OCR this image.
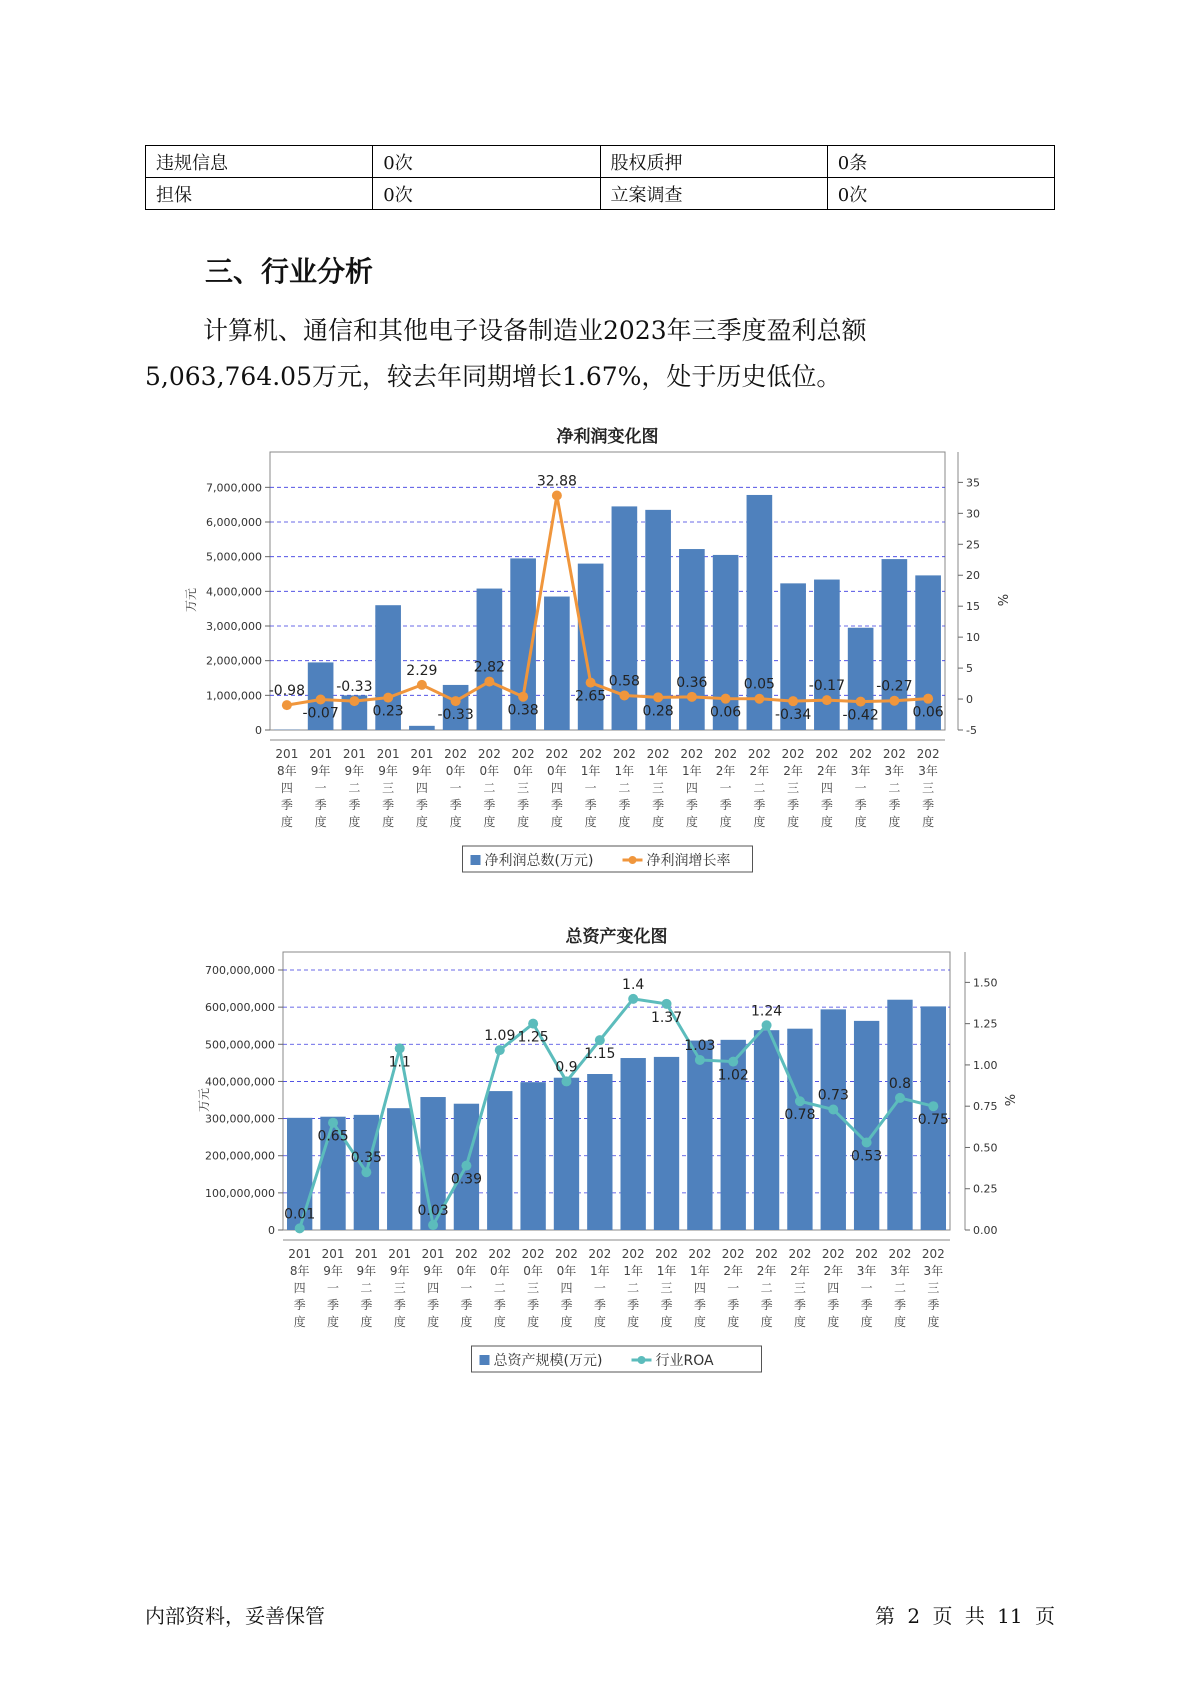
违规信息	0次	股权质押	0条
担保	0次	立案调查	0次
三、行业分析
计算机、通信和其他电子设备制造业2023年三季度盈利总额
5,063,764.05万元，较去年同期增长1.67%，处于历史低位。
净利润变化图
0
1,000,000
2,000,000
3,000,000
4,000,000
5,000,000
6,000,000
7,000,000
万元
-5
0
5
10
15
20
25
30
35
%
-0.98
-0.07
-0.33
0.23
2.29
-0.33
2.82
0.38
32.88
2.65
0.58
0.28
0.36
0.06
0.05
-0.34
-0.17
-0.42
-0.27
0.06
201 8年四季度
201 9年一季度
201 9年二季度
201 9年三季度
201 9年四季度
202 0年一季度
202 0年二季度
202 0年三季度
202 0年四季度
202 1年一季度
202 1年二季度
202 1年三季度
202 1年四季度
202 2年一季度
202 2年二季度
202 2年三季度
202 2年四季度
202 3年一季度
202 3年二季度
202 3年三季度
净利润总数(万元)	净利润增长率
总资产变化图
0
100,000,000
200,000,000
300,000,000
400,000,000
500,000,000
600,000,000
700,000,000
万元
0.00
0.25
0.50
0.75
1.00
1.25
1.50
%
0.01
0.65
0.35
1.1
0.03
0.39
1.09 1.25
0.9
1.15
1.4
1.37
1.03
1.02
1.24
0.78
0.73
0.53
0.8
0.75
201 8年四季度
201 9年一季度
201 9年二季度
201 9年三季度
201 9年四季度
202 0年一季度
202 0年二季度
202 0年三季度
202 0年四季度
202 1年一季度
202 1年二季度
202 1年三季度
202 1年四季度
202 2年一季度
202 2年二季度
202 2年三季度
202 2年四季度
202 3年一季度
202 3年二季度
202 3年三季度
总资产规模(万元)	行业ROA
内部资料，妥善保管	第 2 页 共 11 页
